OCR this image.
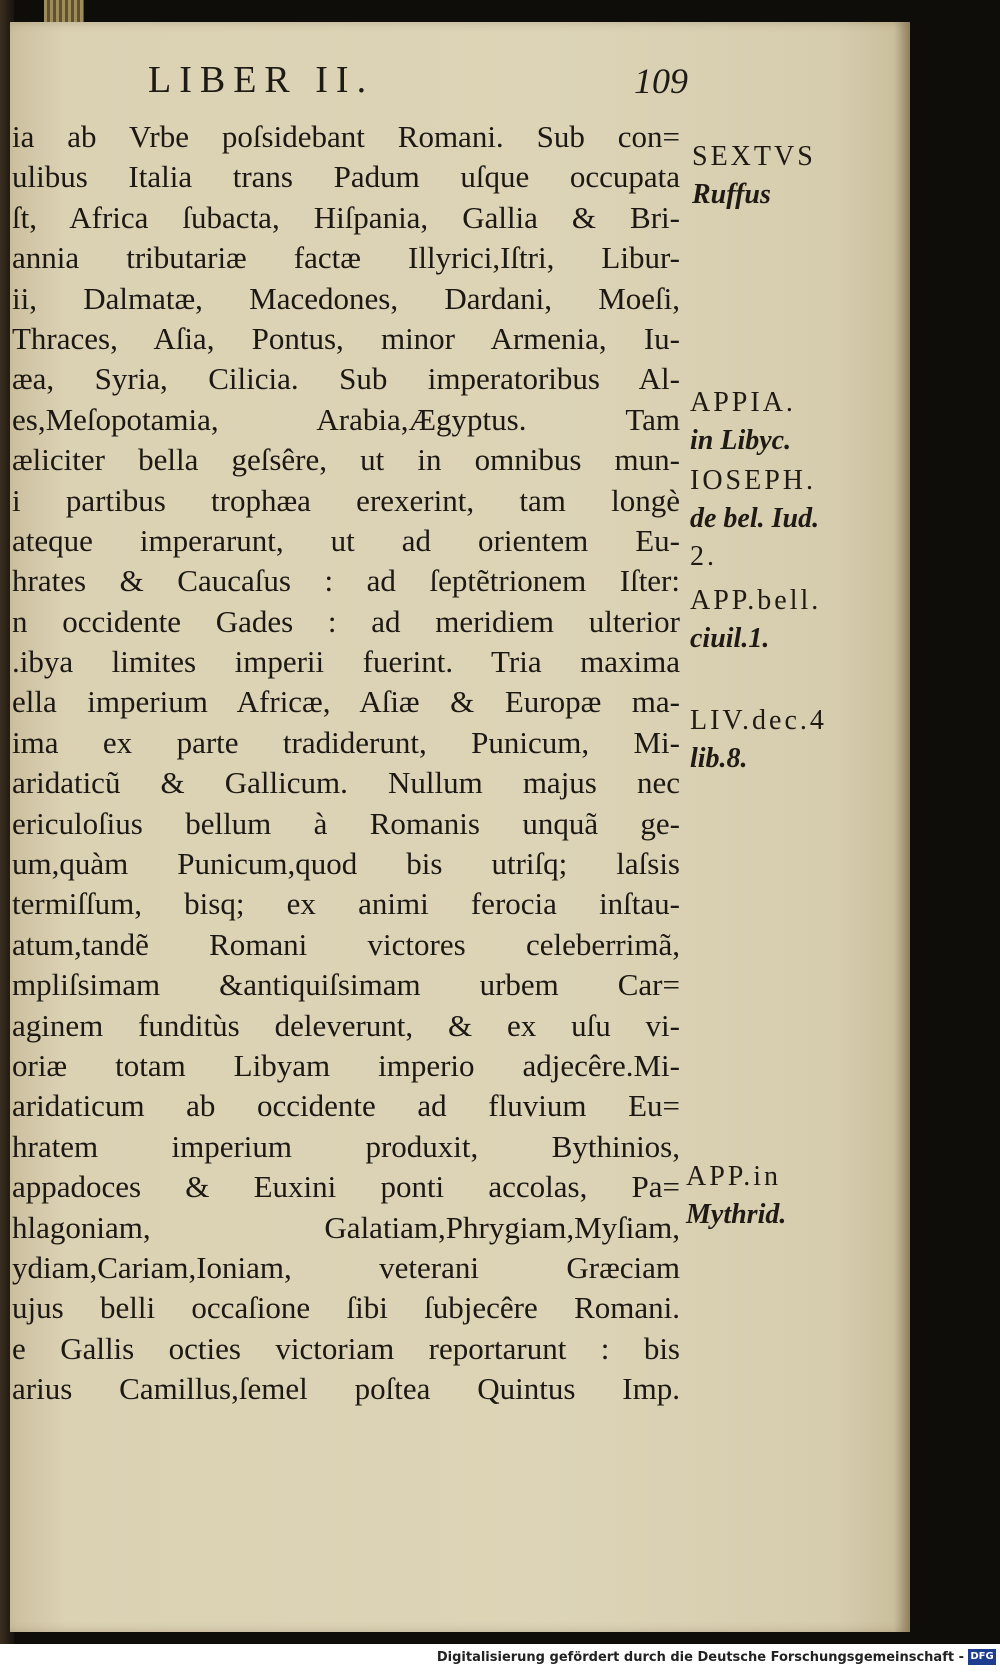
LIBER II.	109
ia ab Vrbe poſsidebant Romani. Sub con=
ulibus Italia trans Padum uſque occupata
ſt, Africa ſubacta, Hiſpania, Gallia & Bri-
annia tributariæ factæ Illyrici,Iſtri, Libur-
ii, Dalmatæ, Macedones, Dardani, Moeſi,
Thraces, Aſia, Pontus, minor Armenia, Iu-
æa, Syria, Cilicia. Sub imperatoribus Al-
es,Meſopotamia, Arabia,Ægyptus. Tam
æliciter bella geſsêre, ut in omnibus mun-
i partibus trophæa erexerint, tam longè
ateque imperarunt, ut ad orientem Eu-
hrates & Caucaſus : ad ſeptẽtrionem Iſter:
n occidente Gades : ad meridiem ulterior
.ibya limites imperii fuerint. Tria maxima
ella imperium Africæ, Aſiæ & Europæ ma-
ima ex parte tradiderunt, Punicum, Mi-
aridaticũ & Gallicum. Nullum majus nec
ericuloſius bellum à Romanis unquã ge-
um,quàm Punicum,quod bis utriſq; laſsis
termiſſum, bisq; ex animi ferocia inſtau-
atum,tandẽ Romani victores celeberrimã,
mpliſsimam &antiquiſsimam urbem Car=
aginem funditùs deleverunt, & ex uſu vi-
oriæ totam Libyam imperio adjecêre.Mi-
aridaticum ab occidente ad fluvium Eu=
hratem imperium produxit, Bythinios,
appadoces & Euxini ponti accolas, Pa=
hlagoniam, Galatiam,Phrygiam,Myſiam,
ydiam,Cariam,Ioniam, veterani Græciam
ujus belli occaſione ſibi ſubjecêre Romani.
e Gallis octies victoriam reportarunt : bis
arius Camillus,ſemel poſtea Quintus Imp.
SEXTVS
Ruffus
APPIA.
in Libyc.
IOSEPH.
de bel. Iud.
2.
APP.bell.
ciuil.1.
LIV.dec.4
lib.8.
APP.in
Mythrid.
Digitalisierung gefördert durch die Deutsche Forschungsgemeinschaft - DFG
